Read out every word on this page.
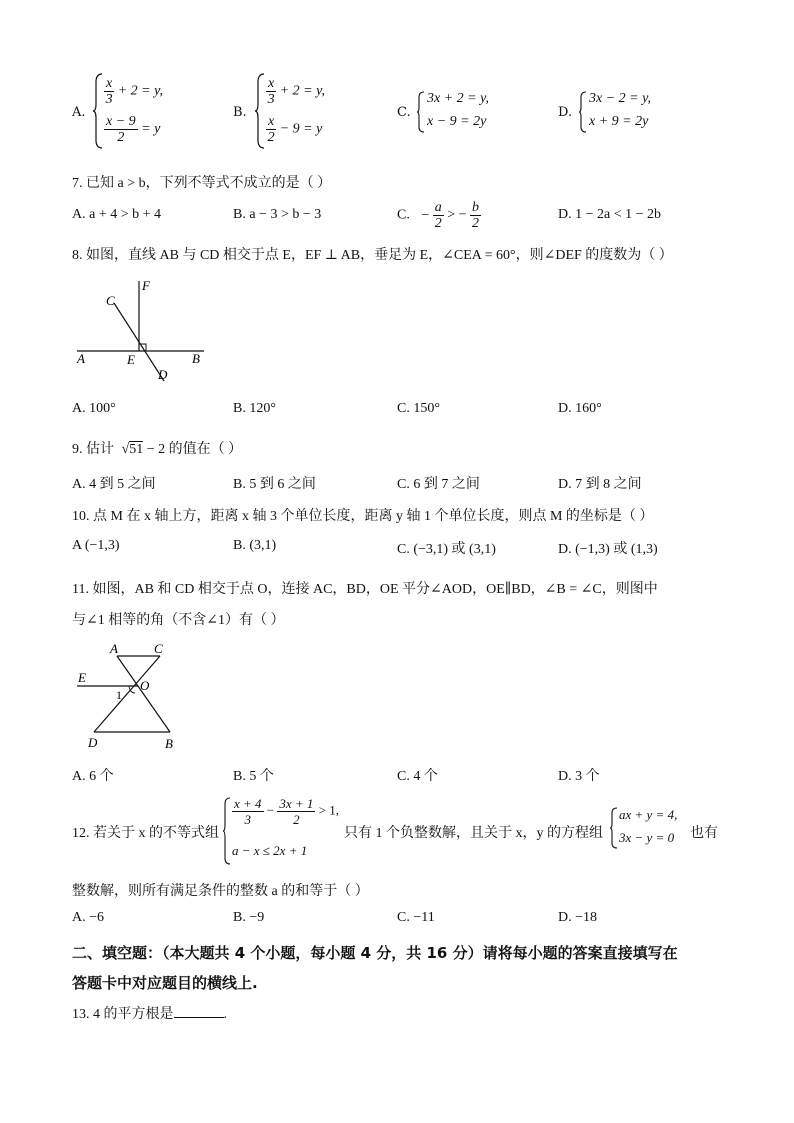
A.
$\frac{x}{3} + 2 = y$,
$\frac{x - 9}{2} = y$
B.
$\frac{x}{3} + 2 = y$,
$\frac{x}{2} - 9 = y$
C.
3x + 2 = y,
x − 9 = 2y
D.
3x − 2 = y,
x + 9 = 2y
7. 已知 a > b，下列不等式不成立的是（ ）
A. a + 4 > b + 4	B. a − 3 > b − 3	C. − $\frac{a}{2}$ > − $\frac{b}{2}$	D. 1 − 2a < 1 − 2b
8. 如图，直线 AB 与 CD 相交于点 E，EF ⊥ AB，垂足为 E，∠CEA = 60°，则∠DEF 的度数为（ ）
C
F
A	E	B
D
A. 100°	B. 120°	C. 150°	D. 160°
9. 估计 √51 − 2 的值在（ ）
A. 4 到 5 之间	B. 5 到 6 之间	C. 6 到 7 之间	D. 7 到 8 之间
10. 点 M 在 x 轴上方，距离 x 轴 3 个单位长度，距离 y 轴 1 个单位长度，则点 M 的坐标是（ ）
A (−1,3)	B. (3,1)	C. (−3,1) 或 (3,1)	D. (−1,3) 或 (1,3)
11. 如图，AB 和 CD 相交于点 O，连接 AC，BD，OE 平分∠AOD，OE∥BD，∠B = ∠C，则图中
与∠1 相等的角（不含∠1）有（ ）
A	C
E
O
1
D	B
A. 6 个	B. 5 个	C. 4 个	D. 3 个
12. 若关于 x 的不等式组
$\frac{x + 4}{3} - \frac{3x + 1}{2} > 1$,
a − x ≤ 2x + 1
只有 1 个负整数解，且关于 x，y 的方程组
ax + y = 4,
3x − y = 0 也有
整数解，则所有满足条件的整数 a 的和等于（ ）
A. −6	B. −9	C. −11	D. −18
二、填空题：（本大题共 4 个小题，每小题 4 分，共 16 分）请将每小题的答案直接填写在
答题卡中对应题目的横线上.
13. 4 的平方根是	.
